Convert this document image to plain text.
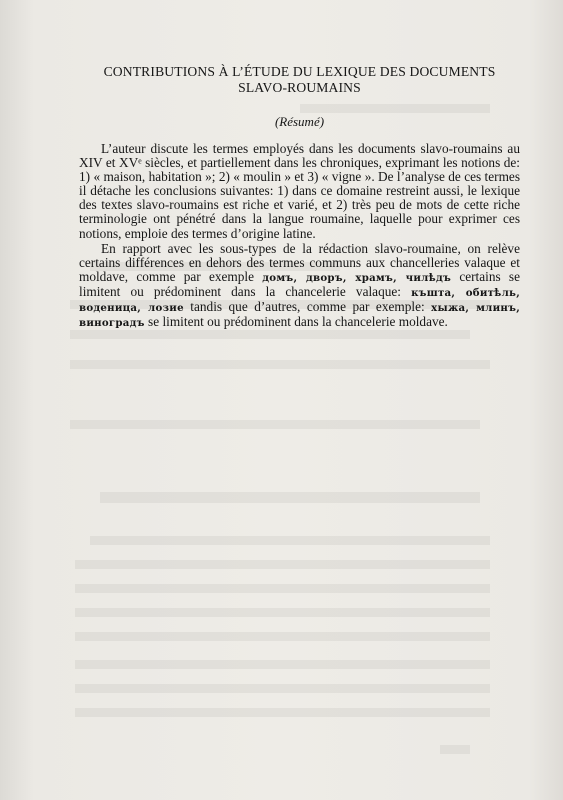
CONTRIBUTIONS À L’ÉTUDE DU LEXIQUE DES DOCUMENTS SLAVO-ROUMAINS
(Résumé)

L’auteur discute les termes employés dans les documents slavo-roumains au XIV et XVᵉ siècles, et partiellement dans les chroniques, exprimant les notions de: 1) « maison, habitation »; 2) « moulin » et 3) « vigne ». De l’analyse de ces termes il détache les conclusions suivantes: 1) dans ce domaine restreint aussi, le lexique des textes slavo-roumains est riche et varié, et 2) très peu de mots de cette riche terminologie ont pénétré dans la langue roumaine, laquelle pour exprimer ces notions, emploie des termes d’origine latine.

En rapport avec les sous-types de la rédaction slavo-roumaine, on relève certains différences en dehors des termes communs aux chancelleries valaque et moldave, comme par exemple домъ, дворъ, храмъ, чилѣдъ certains se limitent ou prédominent dans la chancelerie valaque: къшта, обитѣль, воденица, лозие tandis que d’autres, comme par exemple: хыжа, млинъ, виноградъ se limitent ou prédominent dans la chancelerie moldave.
